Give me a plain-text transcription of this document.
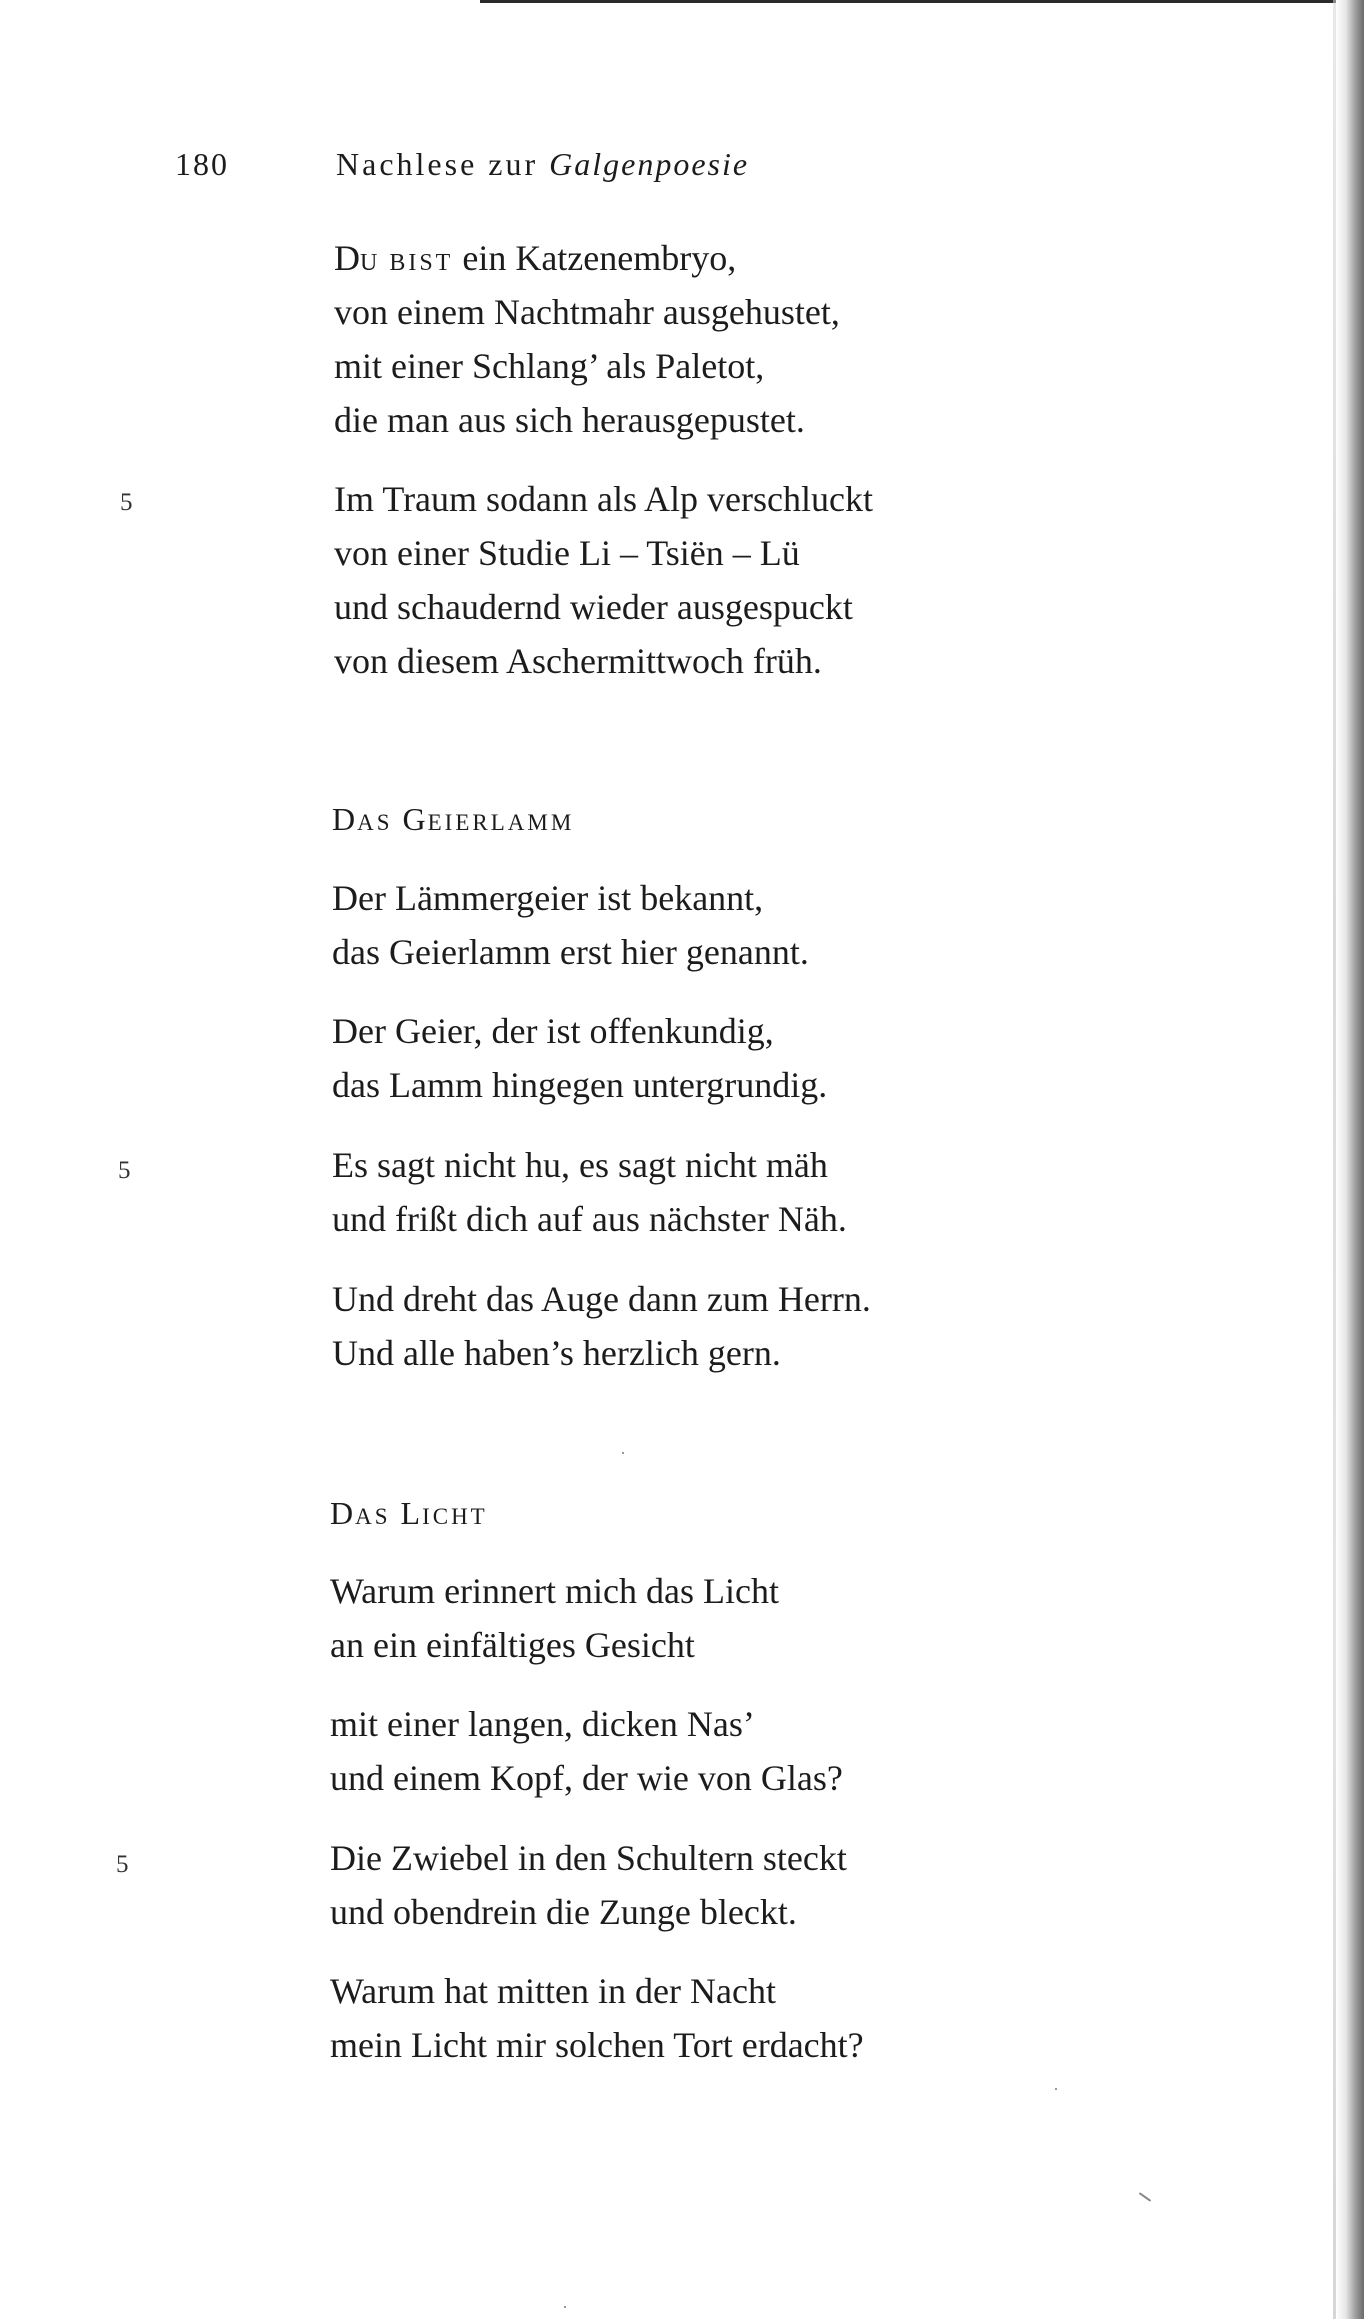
180	Nachlese zur Galgenpoesie
DU BIST ein Katzenembryo,
von einem Nachtmahr ausgehustet,
mit einer Schlang’ als Paletot,
die man aus sich herausgepustet.
5	Im Traum sodann als Alp verschluckt
von einer Studie Li – Tsiën – Lü
und schaudernd wieder ausgespuckt
von diesem Aschermittwoch früh.
DAS GEIERLAMM
Der Lämmergeier ist bekannt,
das Geierlamm erst hier genannt.
Der Geier, der ist offenkundig,
das Lamm hingegen untergrundig.
5	Es sagt nicht hu, es sagt nicht mäh
und frißt dich auf aus nächster Näh.
Und dreht das Auge dann zum Herrn.
Und alle haben’s herzlich gern.
DAS LICHT
Warum erinnert mich das Licht
an ein einfältiges Gesicht
mit einer langen, dicken Nas’
und einem Kopf, der wie von Glas?
5	Die Zwiebel in den Schultern steckt
und obendrein die Zunge bleckt.
Warum hat mitten in der Nacht
mein Licht mir solchen Tort erdacht?
